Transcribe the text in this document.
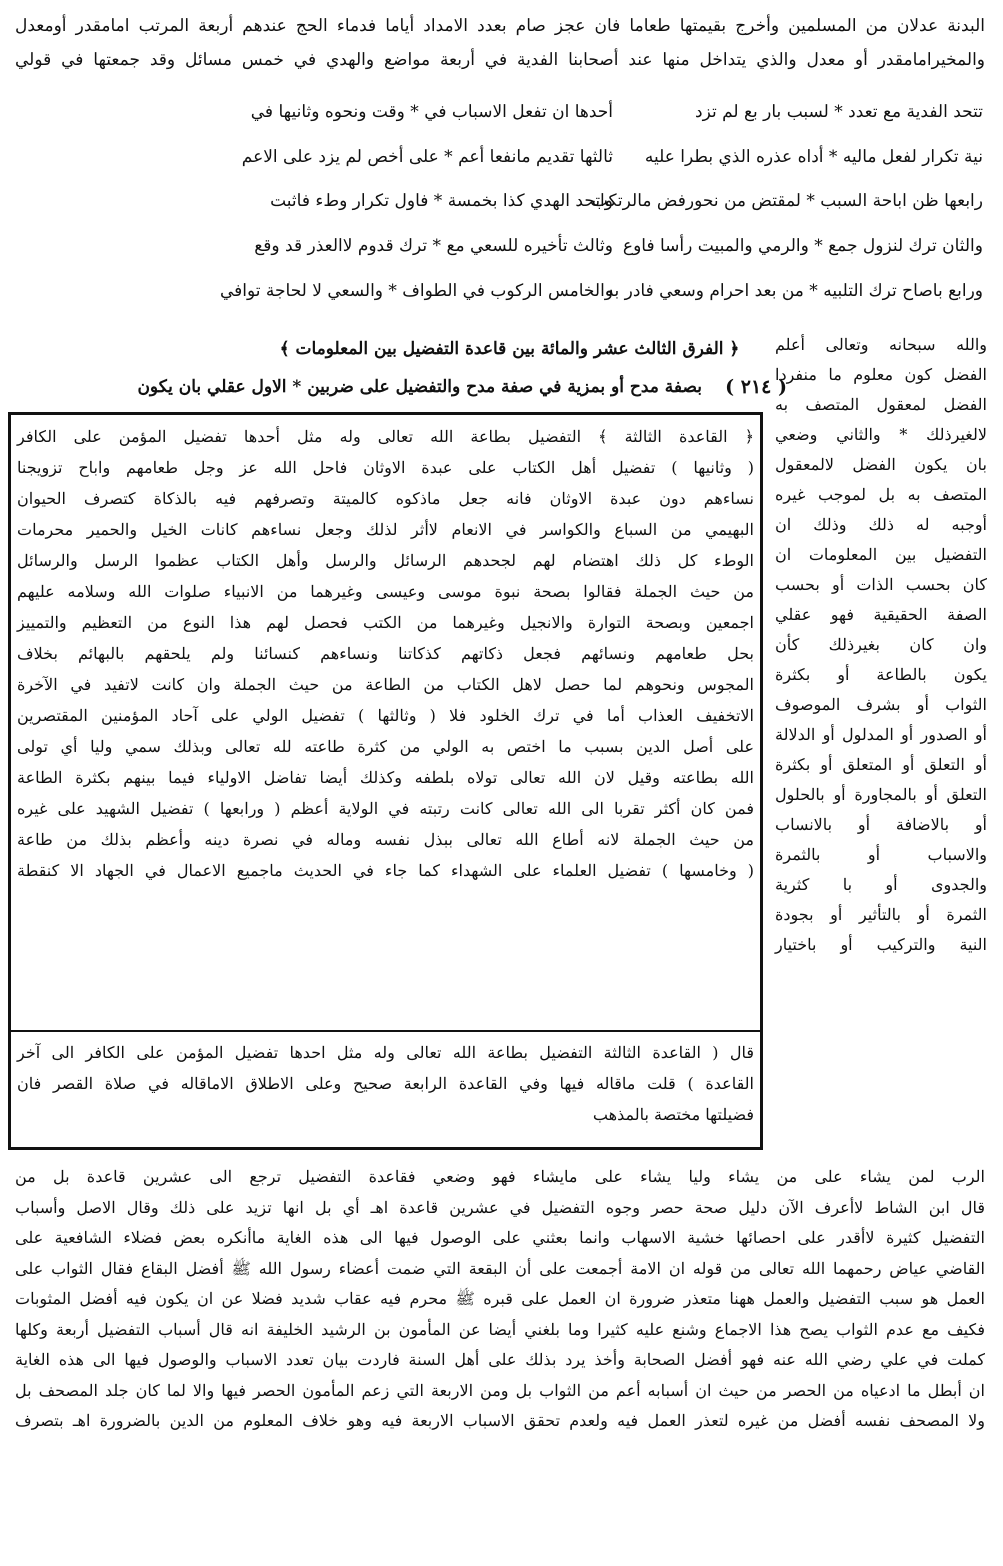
البدنة عدلان من المسلمين وأخرج بقيمتها طعاما فان عجز صام بعدد الامداد أياما فدماء الحج عندهم أربعة المرتب امامقدر أومعدل
والمخيرامامقدر أو معدل والذي يتداخل منها عند أصحابنا الفدية في أربعة مواضع والهدي في خمس مسائل وقد جمعتها في قولي
تتحد الفدية مع تعدد * لسبب بار بع لم تزد
أحدها ان تفعل الاسباب في * وقت ونحوه وثانيها في
نية تكرار لفعل ماليه * أداه عذره الذي بطرا عليه
ثالثها تقديم مانفعا أعم * على أخص لم يزد على الاعم
رابعها ظن اباحة السبب * لمقتض من نحورفض مالرتكب
واتحد الهدي كذا بخمسة * فاول تكرار وطء فاثبت
والثان ترك لنزول جمع * والرمي والمبيت رأسا فاوع
وثالث تأخيره للسعي مع * ترك قدوم لاالعذر قد وقع
ورابع باصاح ترك التلبيه * من بعد احرام وسعي فادر به
والخامس الركوب في الطواف * والسعي لا لحاجة توافي
﴿ الفرق الثالث عشر والمائة بين قاعدة التفضيل بين المعلومات ﴾
( ٢١٤ )
بصفة مدح أو بمزية في صفة مدح والتفضيل على ضربين * الاول عقلي بان يكون
والله سبحانه وتعالى أعلم
الفضل كون معلوم ما منفردا
الفضل لمعقول المتصف به
لالغيرذلك * والثاني وضعي
بان يكون الفضل لالمعقول
المتصف به بل لموجب غيره
أوجبه له ذلك وذلك ان
التفضيل بين المعلومات ان
كان بحسب الذات أو بحسب
الصفة الحقيقية فهو عقلي
وان كان بغيرذلك كأن
يكون بالطاعة أو بكثرة
الثواب أو بشرف الموصوف
أو الصدور أو المدلول أو الدلالة
أو التعلق أو المتعلق أو بكثرة
التعلق أو بالمجاورة أو بالحلول
أو بالاضافة أو بالانساب
والاسباب أو بالثمرة
والجدوى أو با كثرية
الثمرة أو بالتأثير أو بجودة
النية والتركيب أو باختيار
﴿ القاعدة الثالثة ﴾ التفضيل بطاعة الله تعالى وله مثل أحدها تفضيل المؤمن على الكافر
( وثانيها ) تفضيل أهل الكتاب على عبدة الاوثان فاحل الله عز وجل طعامهم واباح تزويجنا
نساءهم دون عبدة الاوثان فانه جعل ماذكوه كالميتة وتصرفهم فيه بالذكاة كتصرف الحيوان
البهيمي من السباع والكواسر في الانعام لاأثر لذلك وجعل نساءهم كانات الخيل والحمير محرمات
الوطء كل ذلك اهتضام لهم لجحدهم الرسائل والرسل وأهل الكتاب عظموا الرسل والرسائل
من حيث الجملة فقالوا بصحة نبوة موسى وعيسى وغيرهما من الانبياء صلوات الله وسلامه عليهم
اجمعين وبصحة التوارة والانجيل وغيرهما من الكتب فحصل لهم هذا النوع من التعظيم والتمييز
بحل طعامهم ونسائهم فجعل ذكاتهم كذكاتنا ونساءهم كنسائنا ولم يلحقهم بالبهائم بخلاف
المجوس ونحوهم لما حصل لاهل الكتاب من الطاعة من حيث الجملة وان كانت لاتفيد في الآخرة
الاتخفيف العذاب أما في ترك الخلود فلا ( وثالثها ) تفضيل الولي على آحاد المؤمنين المقتصرين
على أصل الدين بسبب ما اختص به الولي من كثرة طاعته لله تعالى وبذلك سمي وليا أي تولى
الله بطاعته وقيل لان الله تعالى تولاه بلطفه وكذلك أيضا تفاضل الاولياء فيما بينهم بكثرة الطاعة
فمن كان أكثر تقربا الى الله تعالى كانت رتبته في الولاية أعظم ( ورابعها ) تفضيل الشهيد على غيره
من حيث الجملة لانه أطاع الله تعالى ببذل نفسه وماله في نصرة دينه وأعظم بذلك من طاعة
( وخامسها ) تفضيل العلماء على الشهداء كما جاء في الحديث ماجميع الاعمال في الجهاد الا كنقطة
قال ( القاعدة الثالثة التفضيل بطاعة الله تعالى وله مثل احدها تفضيل المؤمن على الكافر الى آخر
القاعدة ) قلت ماقاله فيها وفي القاعدة الرابعة صحيح وعلى الاطلاق الاماقاله في صلاة القصر فان
فضيلتها مختصة بالمذهب
الرب لمن يشاء على من يشاء وليا يشاء على مايشاء فهو وضعي فقاعدة التفضيل ترجع الى عشرين قاعدة بل من
قال ابن الشاط لاأعرف الآن دليل صحة حصر وجوه التفضيل في عشرين قاعدة اهـ أي بل انها تزيد على ذلك وقال الاصل وأسباب
التفضيل كثيرة لاأقدر على احصائها خشية الاسهاب وانما بعثني على الوصول فيها الى هذه الغاية ماأنكره بعض فضلاء الشافعية على
القاضي عياض رحمهما الله تعالى من قوله ان الامة أجمعت على أن البقعة التي ضمت أعضاء رسول الله ﷺ أفضل البقاع فقال الثواب على
العمل هو سبب التفضيل والعمل ههنا متعذر ضرورة ان العمل على قبره ﷺ محرم فيه عقاب شديد فضلا عن ان يكون فيه أفضل المثوبات
فكيف مع عدم الثواب يصح هذا الاجماع وشنع عليه كثيرا وما بلغني أيضا عن المأمون بن الرشيد الخليفة انه قال أسباب التفضيل أربعة وكلها
كملت في علي رضي الله عنه فهو أفضل الصحابة وأخذ يرد بذلك على أهل السنة فاردت بيان تعدد الاسباب والوصول فيها الى هذه الغاية
ان أبطل ما ادعياه من الحصر من حيث ان أسبابه أعم من الثواب بل ومن الاربعة التي زعم المأمون الحصر فيها والا لما كان جلد المصحف بل
ولا المصحف نفسه أفضل من غيره لتعذر العمل فيه ولعدم تحقق الاسباب الاربعة فيه وهو خلاف المعلوم من الدين بالضرورة اهـ بتصرف
